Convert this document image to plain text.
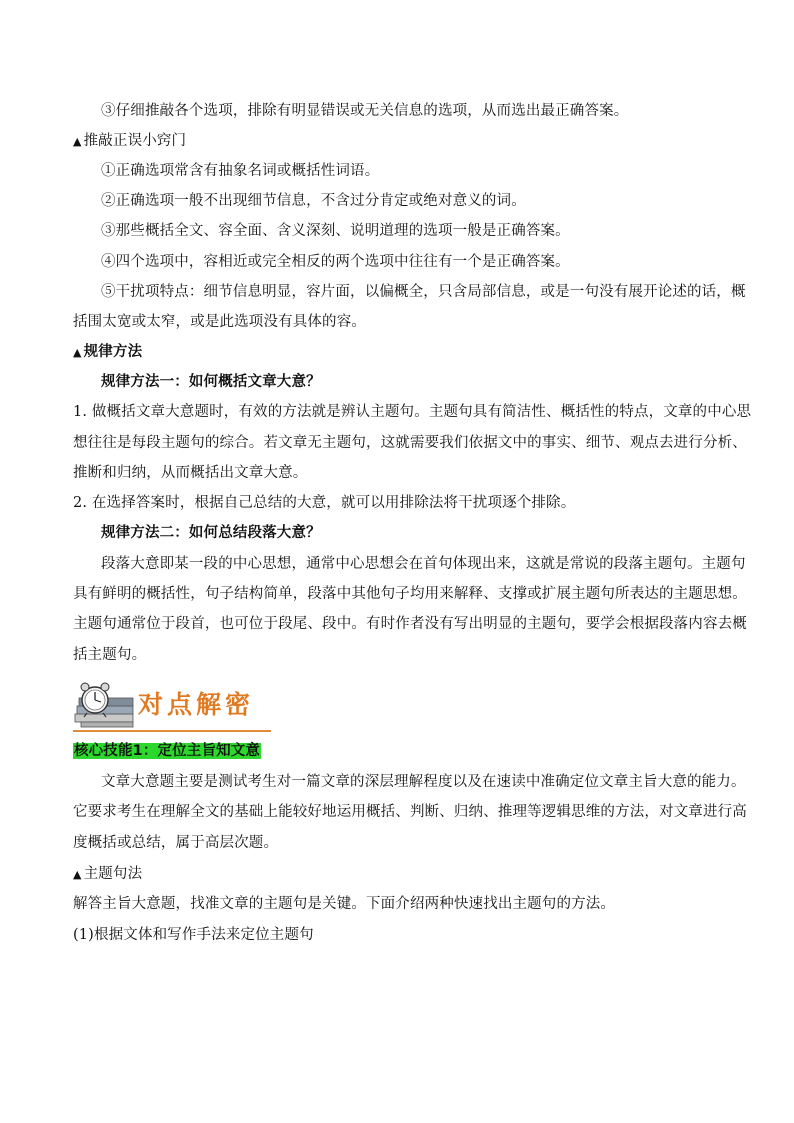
③仔细推敲各个选项，排除有明显错误或无关信息的选项，从而选出最正确答案。
▲ 推敲正误小窍门
①正确选项常含有抽象名词或概括性词语。
②正确选项一般不出现细节信息，不含过分肯定或绝对意义的词。
③那些概括全文、容全面、含义深刻、说明道理的选项一般是正确答案。
④四个选项中，容相近或完全相反的两个选项中往往有一个是正确答案。
⑤干扰项特点：细节信息明显，容片面，以偏概全，只含局部信息，或是一句没有展开论述的话，概
括围太宽或太窄，或是此选项没有具体的容。
▲ 规律方法
规律方法一：如何概括文章大意？
1. 做概括文章大意题时，有效的方法就是辨认主题句。主题句具有简洁性、概括性的特点，文章的中心思
想往往是每段主题句的综合。若文章无主题句，这就需要我们依据文中的事实、细节、观点去进行分析、
推断和归纳，从而概括出文章大意。
2. 在选择答案时，根据自己总结的大意，就可以用排除法将干扰项逐个排除。
规律方法二：如何总结段落大意？
段落大意即某一段的中心思想，通常中心思想会在首句体现出来，这就是常说的段落主题句。主题句
具有鲜明的概括性，句子结构简单，段落中其他句子均用来解释、支撑或扩展主题句所表达的主题思想。
主题句通常位于段首，也可位于段尾、段中。有时作者没有写出明显的主题句，要学会根据段落内容去概
括主题句。
对点解密
核心技能1：定位主旨知文意
文章大意题主要是测试考生对一篇文章的深层理解程度以及在速读中准确定位文章主旨大意的能力。
它要求考生在理解全文的基础上能较好地运用概括、判断、归纳、推理等逻辑思维的方法，对文章进行高
度概括或总结，属于高层次题。
▲ 主题句法
解答主旨大意题，找准文章的主题句是关键。下面介绍两种快速找出主题句的方法。
(1)根据文体和写作手法来定位主题句
